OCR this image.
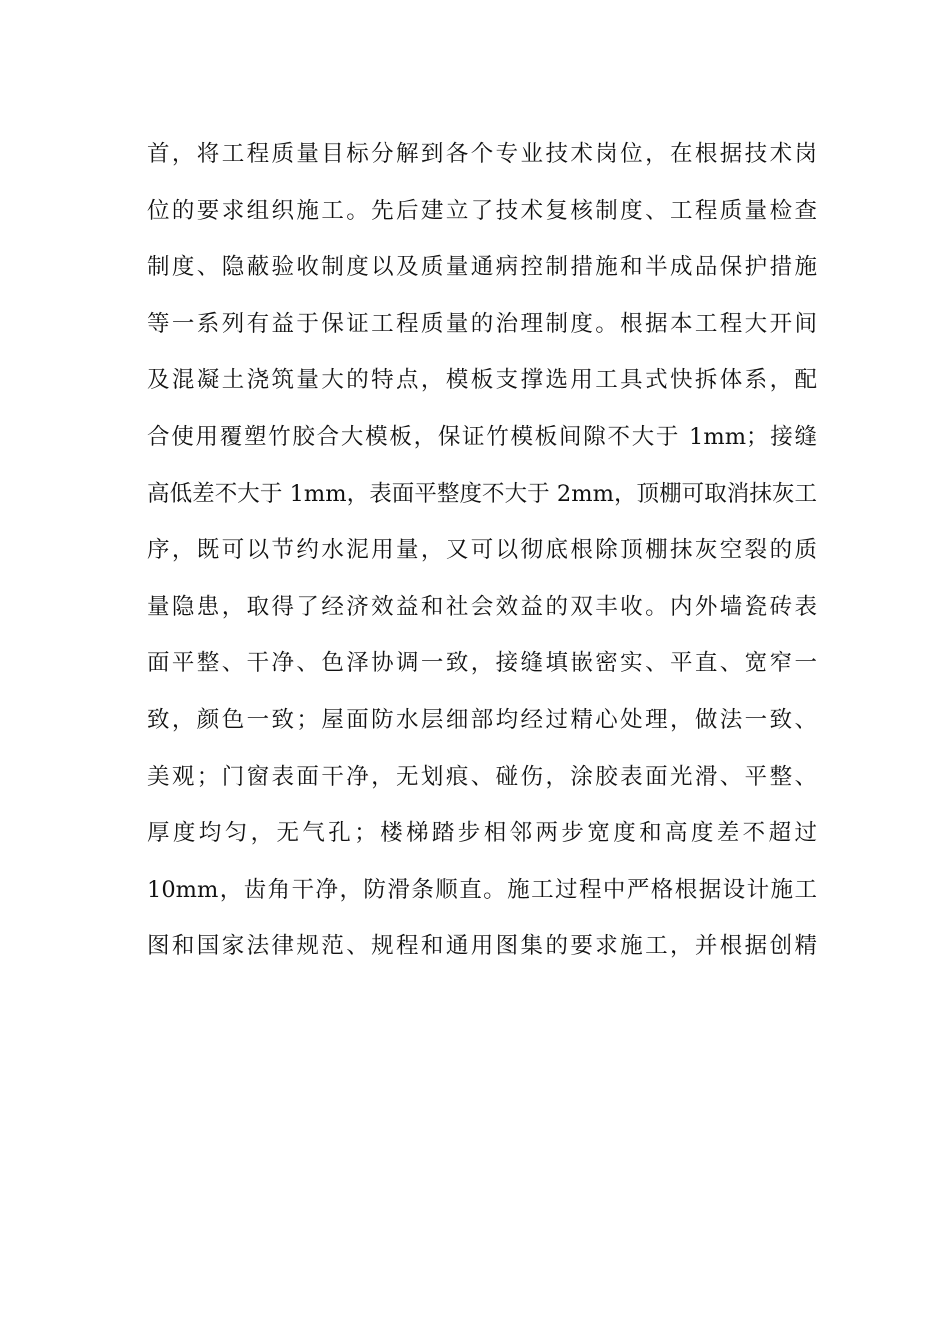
首，将工程质量目标分解到各个专业技术岗位，在根据技术岗
位的要求组织施工。先后建立了技术复核制度、工程质量检查
制度、隐蔽验收制度以及质量通病控制措施和半成品保护措施
等一系列有益于保证工程质量的治理制度。根据本工程大开间
及混凝土浇筑量大的特点，模板支撑选用工具式快拆体系，配
合使用覆塑竹胶合大模板，保证竹模板间隙不大于 1mm；接缝
高低差不大于 1mm，表面平整度不大于 2mm，顶棚可取消抹灰工
序，既可以节约水泥用量，又可以彻底根除顶棚抹灰空裂的质
量隐患，取得了经济效益和社会效益的双丰收。内外墙瓷砖表
面平整、干净、色泽协调一致，接缝填嵌密实、平直、宽窄一
致，颜色一致；屋面防水层细部均经过精心处理，做法一致、
美观；门窗表面干净，无划痕、碰伤，涂胶表面光滑、平整、
厚度均匀，无气孔；楼梯踏步相邻两步宽度和高度差不超过
10mm，齿角干净，防滑条顺直。施工过程中严格根据设计施工
图和国家法律规范、规程和通用图集的要求施工，并根据创精
